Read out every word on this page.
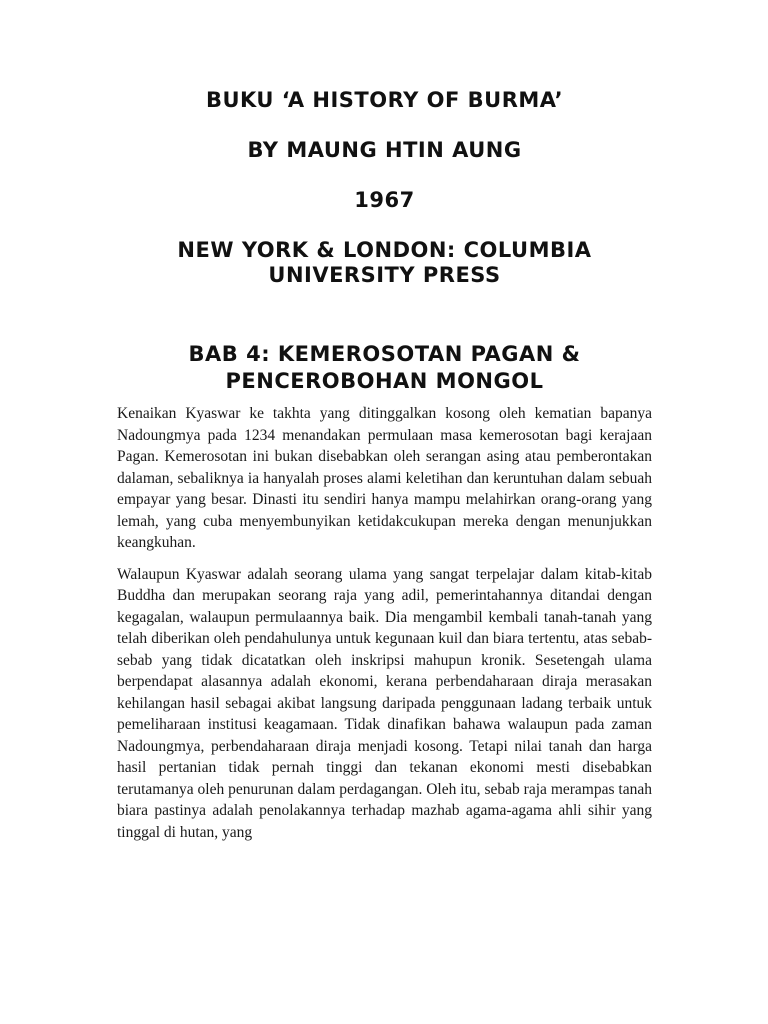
BUKU ‘A HISTORY OF BURMA’
BY MAUNG HTIN AUNG
1967
NEW YORK & LONDON: COLUMBIA
UNIVERSITY PRESS
BAB 4: KEMEROSOTAN PAGAN &
PENCEROBOHAN MONGOL

Kenaikan Kyaswar ke takhta yang ditinggalkan kosong oleh kematian bapanya Nadoungmya pada 1234 menandakan permulaan masa kemerosotan bagi kerajaan Pagan. Kemerosotan ini bukan disebabkan oleh serangan asing atau pemberontakan dalaman, sebaliknya ia hanyalah proses alami keletihan dan keruntuhan dalam sebuah empayar yang besar. Dinasti itu sendiri hanya mampu melahirkan orang-orang yang lemah, yang cuba menyembunyikan ketidakcukupan mereka dengan menunjukkan keangkuhan.

Walaupun Kyaswar adalah seorang ulama yang sangat terpelajar dalam kitab-kitab Buddha dan merupakan seorang raja yang adil, pemerintahannya ditandai dengan kegagalan, walaupun permulaannya baik. Dia mengambil kembali tanah-tanah yang telah diberikan oleh pendahulunya untuk kegunaan kuil dan biara tertentu, atas sebab-sebab yang tidak dicatatkan oleh inskripsi mahupun kronik. Sesetengah ulama berpendapat alasannya adalah ekonomi, kerana perbendaharaan diraja merasakan kehilangan hasil sebagai akibat langsung daripada penggunaan ladang terbaik untuk pemeliharaan institusi keagamaan. Tidak dinafikan bahawa walaupun pada zaman Nadoungmya, perbendaharaan diraja menjadi kosong. Tetapi nilai tanah dan harga hasil pertanian tidak pernah tinggi dan tekanan ekonomi mesti disebabkan terutamanya oleh penurunan dalam perdagangan. Oleh itu, sebab raja merampas tanah biara pastinya adalah penolakannya terhadap mazhab agama-agama ahli sihir yang tinggal di hutan, yang
